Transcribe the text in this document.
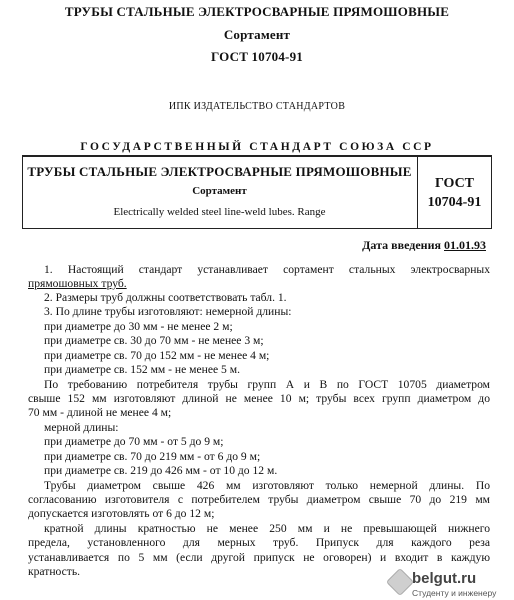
ТРУБЫ СТАЛЬНЫЕ ЭЛЕКТРОСВАРНЫЕ ПРЯМОШОВНЫЕ
Сортамент
ГОСТ 10704-91
ИПК ИЗДАТЕЛЬСТВО СТАНДАРТОВ
ГОСУДАРСТВЕННЫЙ СТАНДАРТ СОЮЗА ССР
ТРУБЫ СТАЛЬНЫЕ ЭЛЕКТРОСВАРНЫЕ ПРЯМОШОВНЫЕ
Сортамент
Electrically welded steel line-weld lubes. Range
ГОСТ
10704-91
Дата введения 01.01.93
1. Настоящий стандарт устанавливает сортамент стальных электросварных
прямошовных труб.
2. Размеры труб должны соответствовать табл. 1.
3. По длине трубы изготовляют: немерной длины:
при диаметре до 30 мм - не менее 2 м;
при диаметре св. 30 до 70 мм - не менее 3 м;
при диаметре св. 70 до 152 мм - не менее 4 м;
при диаметре св. 152 мм - не менее 5 м.
По требованию потребителя трубы групп А и В по ГОСТ 10705 диаметром
свыше 152 мм изготовляют длиной не менее 10 м; трубы всех групп диаметром до
70 мм - длиной не менее 4 м;
мерной длины:
при диаметре до 70 мм - от 5 до 9 м;
при диаметре св. 70 до 219 мм - от 6 до 9 м;
при диаметре св. 219 до 426 мм - от 10 до 12 м.
Трубы диаметром свыше 426 мм изготовляют только немерной длины. По
согласованию изготовителя с потребителем трубы диаметром свыше 70 до 219 мм
допускается изготовлять от 6 до 12 м;
кратной длины кратностью не менее 250 мм и не превышающей нижнего
предела, установленного для мерных труб. Припуск для каждого реза
устанавливается по 5 мм (если другой припуск не оговорен) и входит в каждую
кратность.	belgut.ru
Студенту и инженеру
